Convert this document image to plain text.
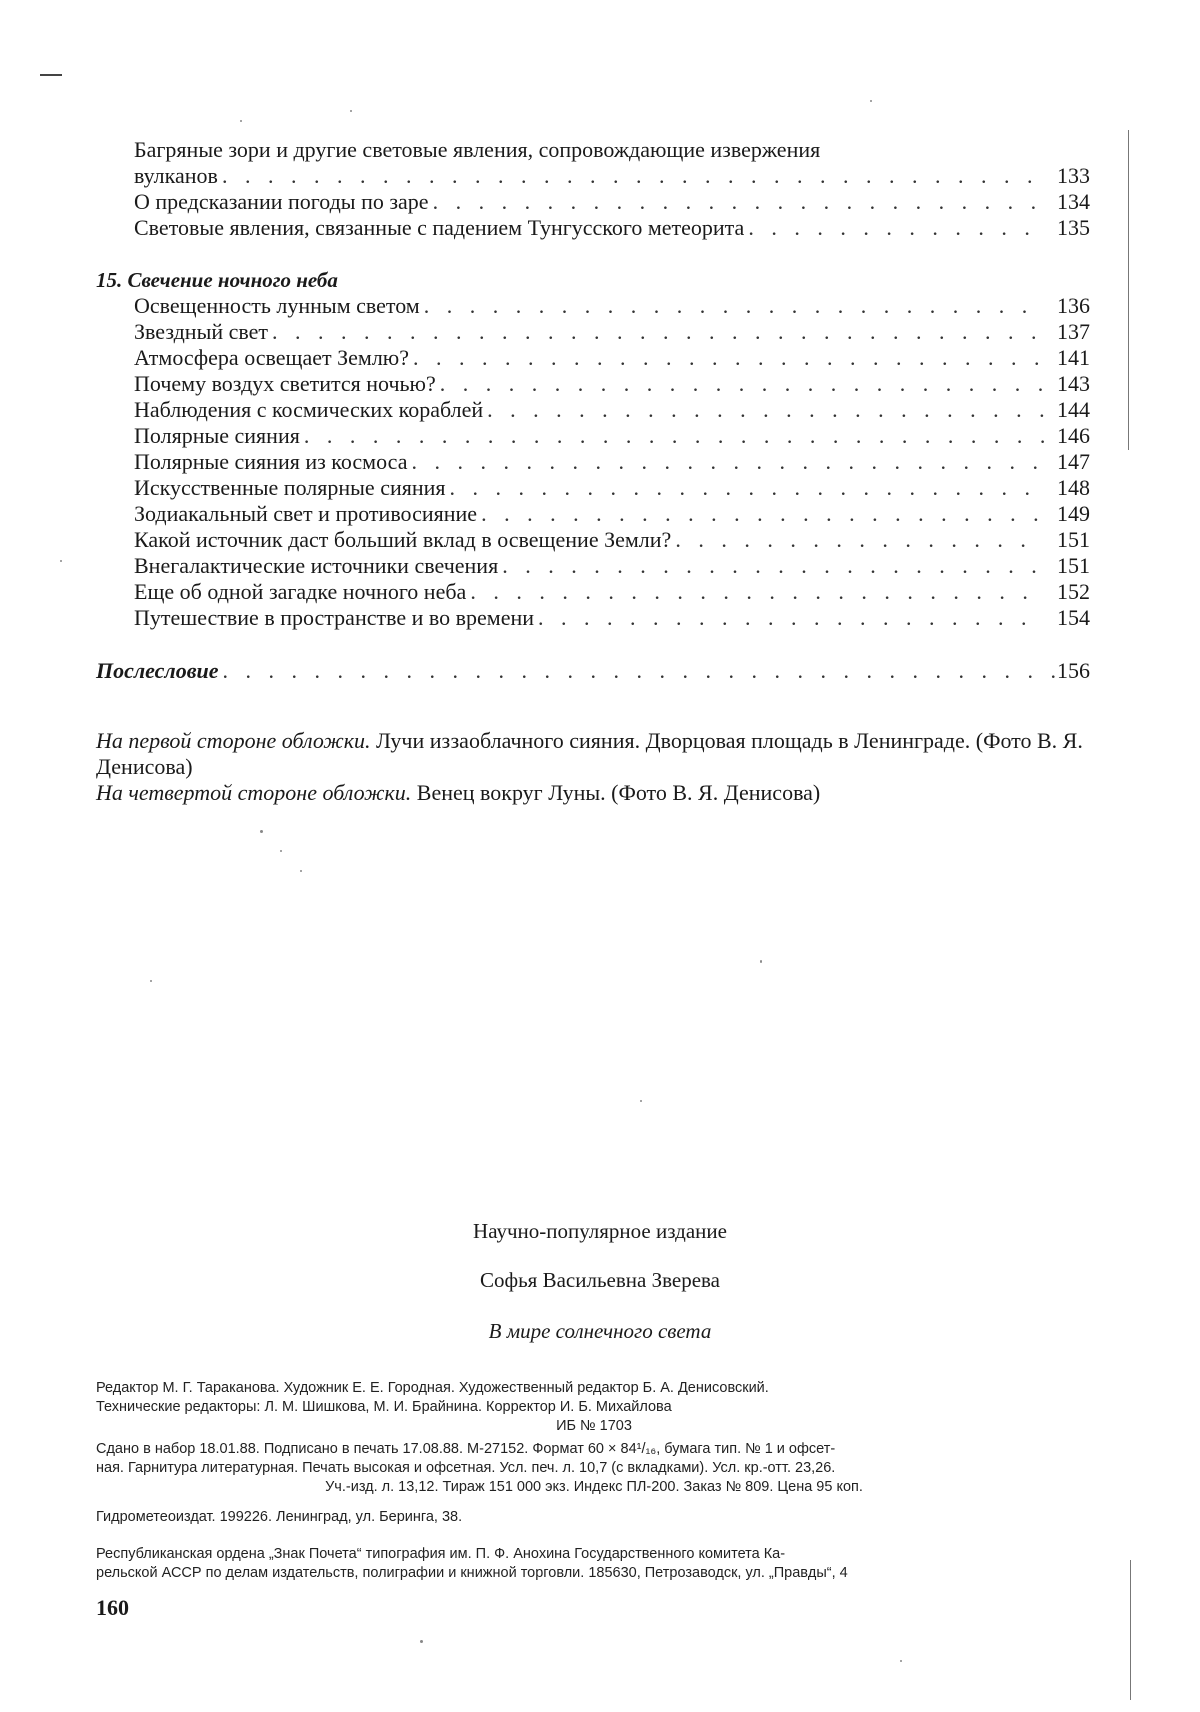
Багряные зори и другие световые явления, сопровождающие извержения
вулканов . . .	133
О предсказании погоды по заре . . .	134
Световые явления, связанные с падением Тунгусского метеорита . . .	135
15. Свечение ночного неба
Освещенность лунным светом . . .	136
Звездный свет . . .	137
Атмосфера освещает Землю? . . .	141
Почему воздух светится ночью? . . .	143
Наблюдения с космических кораблей . . .	144
Полярные сияния . . .	146
Полярные сияния из космоса . . .	147
Искусственные полярные сияния . . .	148
Зодиакальный свет и противосияние . . .	149
Какой источник даст больший вклад в освещение Земли? . . .	151
Внегалактические источники свечения . . .	151
Еще об одной загадке ночного неба . . .	152
Путешествие в пространстве и во времени . . .	154
Послесловие . . .	156
На первой стороне обложки. Лучи иззаоблачного сияния. Дворцовая площадь в Ленинграде. (Фото В. Я. Денисова)
На четвертой стороне обложки. Венец вокруг Луны. (Фото В. Я. Денисова)
Научно-популярное издание
Софья Васильевна Зверева
В мире солнечного света
Редактор М. Г. Тараканова. Художник Е. Е. Городная. Художественный редактор Б. А. Денисовский.
Технические редакторы: Л. М. Шишкова, М. И. Брайнина. Корректор И. Б. Михайлова
ИБ № 1703
Сдано в набор 18.01.88. Подписано в печать 17.08.88. М-27152. Формат 60 × 84¹/₁₆, бумага тип. № 1 и офсет-
ная. Гарнитура литературная. Печать высокая и офсетная. Усл. печ. л. 10,7 (с вкладками). Усл. кр.-отт. 23,26.
Уч.-изд. л. 13,12. Тираж 151 000 экз. Индекс ПЛ-200. Заказ № 809. Цена 95 коп.
Гидрометеоиздат. 199226. Ленинград, ул. Беринга, 38.
Республиканская ордена „Знак Почета“ типография им. П. Ф. Анохина Государственного комитета Ка-
рельской АССР по делам издательств, полиграфии и книжной торговли. 185630, Петрозаводск, ул. „Правды“, 4
160
